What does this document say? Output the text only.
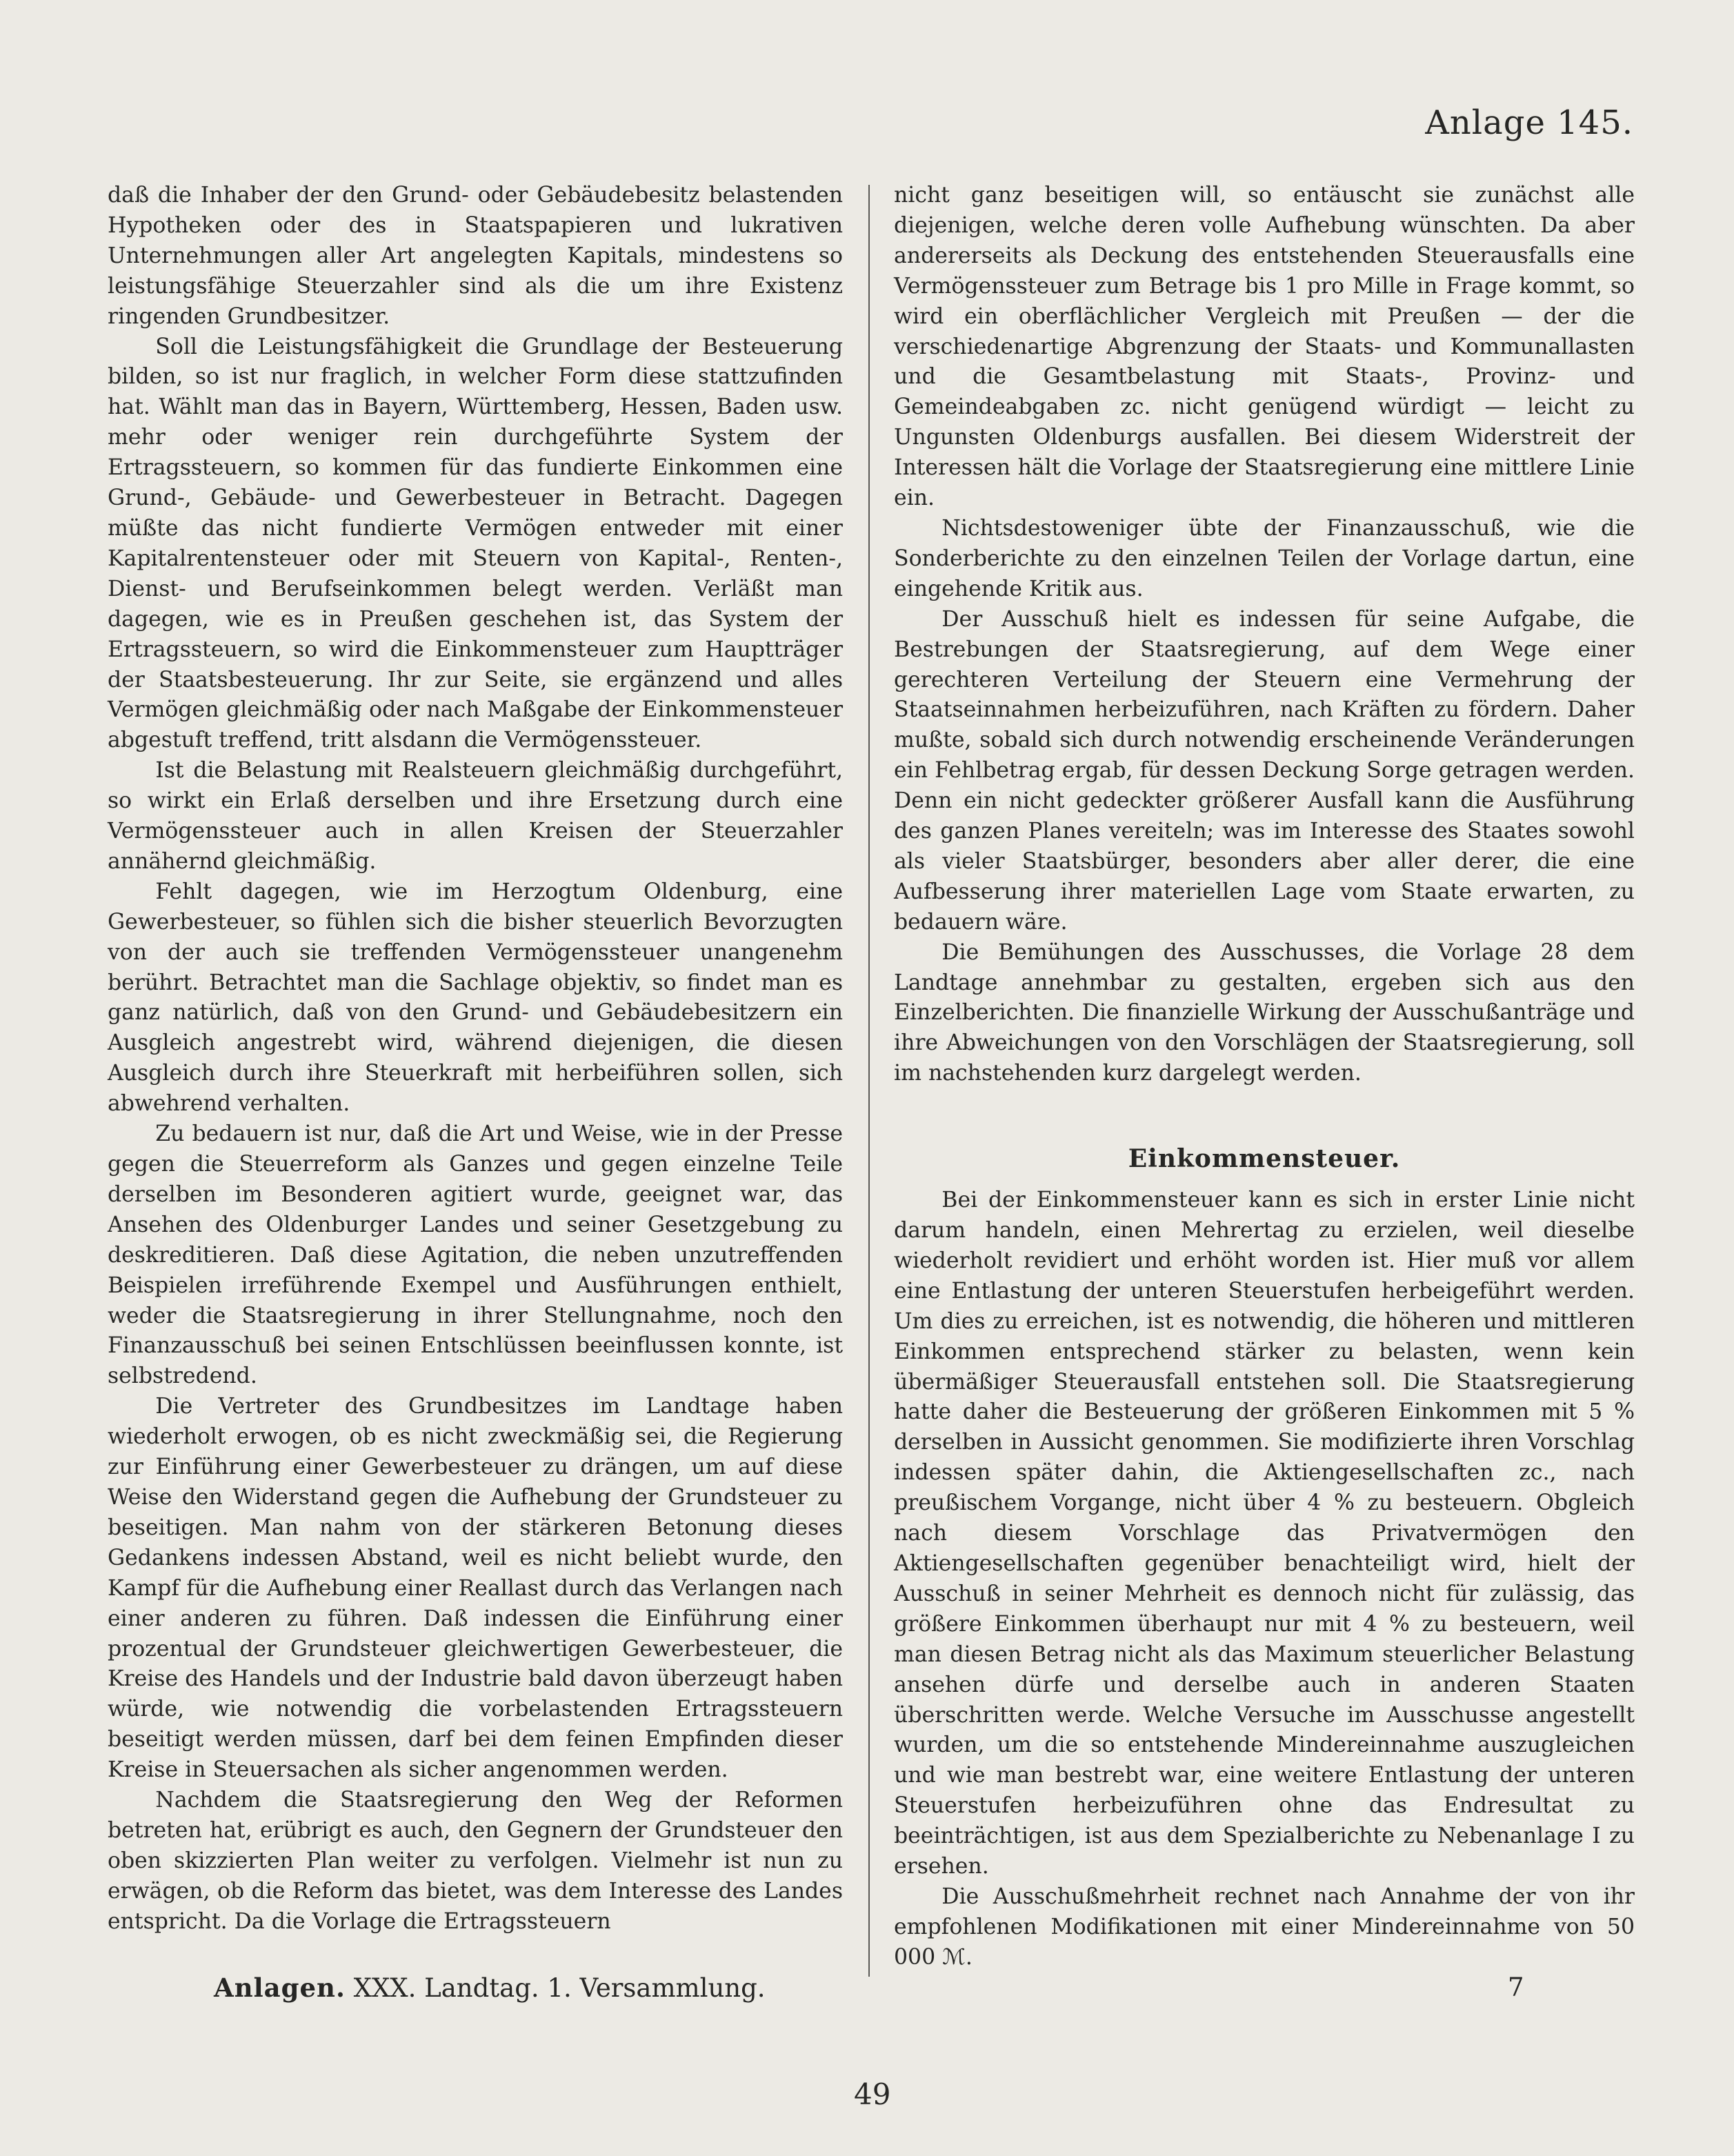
Anlage 145.

daß die Inhaber der den Grund- oder Gebäudebesitz belastenden Hypotheken oder des in Staatspapieren und lukrativen Unternehmungen aller Art angelegten Kapitals, mindestens so leistungsfähige Steuerzahler sind als die um ihre Existenz ringenden Grundbesitzer.

Soll die Leistungsfähigkeit die Grundlage der Besteuerung bilden, so ist nur fraglich, in welcher Form diese stattzufinden hat. Wählt man das in Bayern, Württemberg, Hessen, Baden usw. mehr oder weniger rein durchgeführte System der Ertragssteuern, so kommen für das fundierte Einkommen eine Grund-, Gebäude- und Gewerbesteuer in Betracht. Dagegen müßte das nicht fundierte Vermögen entweder mit einer Kapitalrentensteuer oder mit Steuern von Kapital-, Renten-, Dienst- und Berufseinkommen belegt werden. Verläßt man dagegen, wie es in Preußen geschehen ist, das System der Ertragssteuern, so wird die Einkommensteuer zum Hauptträger der Staatsbesteuerung. Ihr zur Seite, sie ergänzend und alles Vermögen gleichmäßig oder nach Maßgabe der Einkommensteuer abgestuft treffend, tritt alsdann die Vermögenssteuer.

Ist die Belastung mit Realsteuern gleichmäßig durchgeführt, so wirkt ein Erlaß derselben und ihre Ersetzung durch eine Vermögenssteuer auch in allen Kreisen der Steuerzahler annähernd gleichmäßig.

Fehlt dagegen, wie im Herzogtum Oldenburg, eine Gewerbesteuer, so fühlen sich die bisher steuerlich Bevorzugten von der auch sie treffenden Vermögenssteuer unangenehm berührt. Betrachtet man die Sachlage objektiv, so findet man es ganz natürlich, daß von den Grund- und Gebäudebesitzern ein Ausgleich angestrebt wird, während diejenigen, die diesen Ausgleich durch ihre Steuerkraft mit herbeiführen sollen, sich abwehrend verhalten.

Zu bedauern ist nur, daß die Art und Weise, wie in der Presse gegen die Steuerreform als Ganzes und gegen einzelne Teile derselben im Besonderen agitiert wurde, geeignet war, das Ansehen des Oldenburger Landes und seiner Gesetzgebung zu deskreditieren. Daß diese Agitation, die neben unzutreffenden Beispielen irreführende Exempel und Ausführungen enthielt, weder die Staatsregierung in ihrer Stellungnahme, noch den Finanzausschuß bei seinen Entschlüssen beeinflussen konnte, ist selbstredend.

Die Vertreter des Grundbesitzes im Landtage haben wiederholt erwogen, ob es nicht zweckmäßig sei, die Regierung zur Einführung einer Gewerbesteuer zu drängen, um auf diese Weise den Widerstand gegen die Aufhebung der Grundsteuer zu beseitigen. Man nahm von der stärkeren Betonung dieses Gedankens indessen Abstand, weil es nicht beliebt wurde, den Kampf für die Aufhebung einer Reallast durch das Verlangen nach einer anderen zu führen. Daß indessen die Einführung einer prozentual der Grundsteuer gleichwertigen Gewerbesteuer, die Kreise des Handels und der Industrie bald davon überzeugt haben würde, wie notwendig die vorbelastenden Ertragssteuern beseitigt werden müssen, darf bei dem feinen Empfinden dieser Kreise in Steuersachen als sicher angenommen werden.

Nachdem die Staatsregierung den Weg der Reformen betreten hat, erübrigt es auch, den Gegnern der Grundsteuer den oben skizzierten Plan weiter zu verfolgen. Vielmehr ist nun zu erwägen, ob die Reform das bietet, was dem Interesse des Landes entspricht. Da die Vorlage die Ertragssteuern

nicht ganz beseitigen will, so entäuscht sie zunächst alle diejenigen, welche deren volle Aufhebung wünschten. Da aber andererseits als Deckung des entstehenden Steuerausfalls eine Vermögenssteuer zum Betrage bis 1 pro Mille in Frage kommt, so wird ein oberflächlicher Vergleich mit Preußen — der die verschiedenartige Abgrenzung der Staats- und Kommunallasten und die Gesamtbelastung mit Staats-, Provinz- und Gemeindeabgaben zc. nicht genügend würdigt — leicht zu Ungunsten Oldenburgs ausfallen. Bei diesem Widerstreit der Interessen hält die Vorlage der Staatsregierung eine mittlere Linie ein.

Nichtsdestoweniger übte der Finanzausschuß, wie die Sonderberichte zu den einzelnen Teilen der Vorlage dartun, eine eingehende Kritik aus.

Der Ausschuß hielt es indessen für seine Aufgabe, die Bestrebungen der Staatsregierung, auf dem Wege einer gerechteren Verteilung der Steuern eine Vermehrung der Staatseinnahmen herbeizuführen, nach Kräften zu fördern. Daher mußte, sobald sich durch notwendig erscheinende Veränderungen ein Fehlbetrag ergab, für dessen Deckung Sorge getragen werden. Denn ein nicht gedeckter größerer Ausfall kann die Ausführung des ganzen Planes vereiteln; was im Interesse des Staates sowohl als vieler Staatsbürger, besonders aber aller derer, die eine Aufbesserung ihrer materiellen Lage vom Staate erwarten, zu bedauern wäre.

Die Bemühungen des Ausschusses, die Vorlage 28 dem Landtage annehmbar zu gestalten, ergeben sich aus den Einzelberichten. Die finanzielle Wirkung der Ausschußanträge und ihre Abweichungen von den Vorschlägen der Staatsregierung, soll im nachstehenden kurz dargelegt werden.

Einkommensteuer.

Bei der Einkommensteuer kann es sich in erster Linie nicht darum handeln, einen Mehrertag zu erzielen, weil dieselbe wiederholt revidiert und erhöht worden ist. Hier muß vor allem eine Entlastung der unteren Steuerstufen herbeigeführt werden. Um dies zu erreichen, ist es notwendig, die höheren und mittleren Einkommen entsprechend stärker zu belasten, wenn kein übermäßiger Steuerausfall entstehen soll. Die Staatsregierung hatte daher die Besteuerung der größeren Einkommen mit 5 % derselben in Aussicht genommen. Sie modifizierte ihren Vorschlag indessen später dahin, die Aktiengesellschaften zc., nach preußischem Vorgange, nicht über 4 % zu besteuern. Obgleich nach diesem Vorschlage das Privatvermögen den Aktiengesellschaften gegenüber benachteiligt wird, hielt der Ausschuß in seiner Mehrheit es dennoch nicht für zulässig, das größere Einkommen überhaupt nur mit 4 % zu besteuern, weil man diesen Betrag nicht als das Maximum steuerlicher Belastung ansehen dürfe und derselbe auch in anderen Staaten überschritten werde. Welche Versuche im Ausschusse angestellt wurden, um die so entstehende Mindereinnahme auszugleichen und wie man bestrebt war, eine weitere Entlastung der unteren Steuerstufen herbeizuführen ohne das Endresultat zu beeinträchtigen, ist aus dem Spezialberichte zu Nebenanlage I zu ersehen.

Die Ausschußmehrheit rechnet nach Annahme der von ihr empfohlenen Modifikationen mit einer Mindereinnahme von 50 000 ℳ.

Anlagen. XXX. Landtag. 1. Versammlung.	7
49
